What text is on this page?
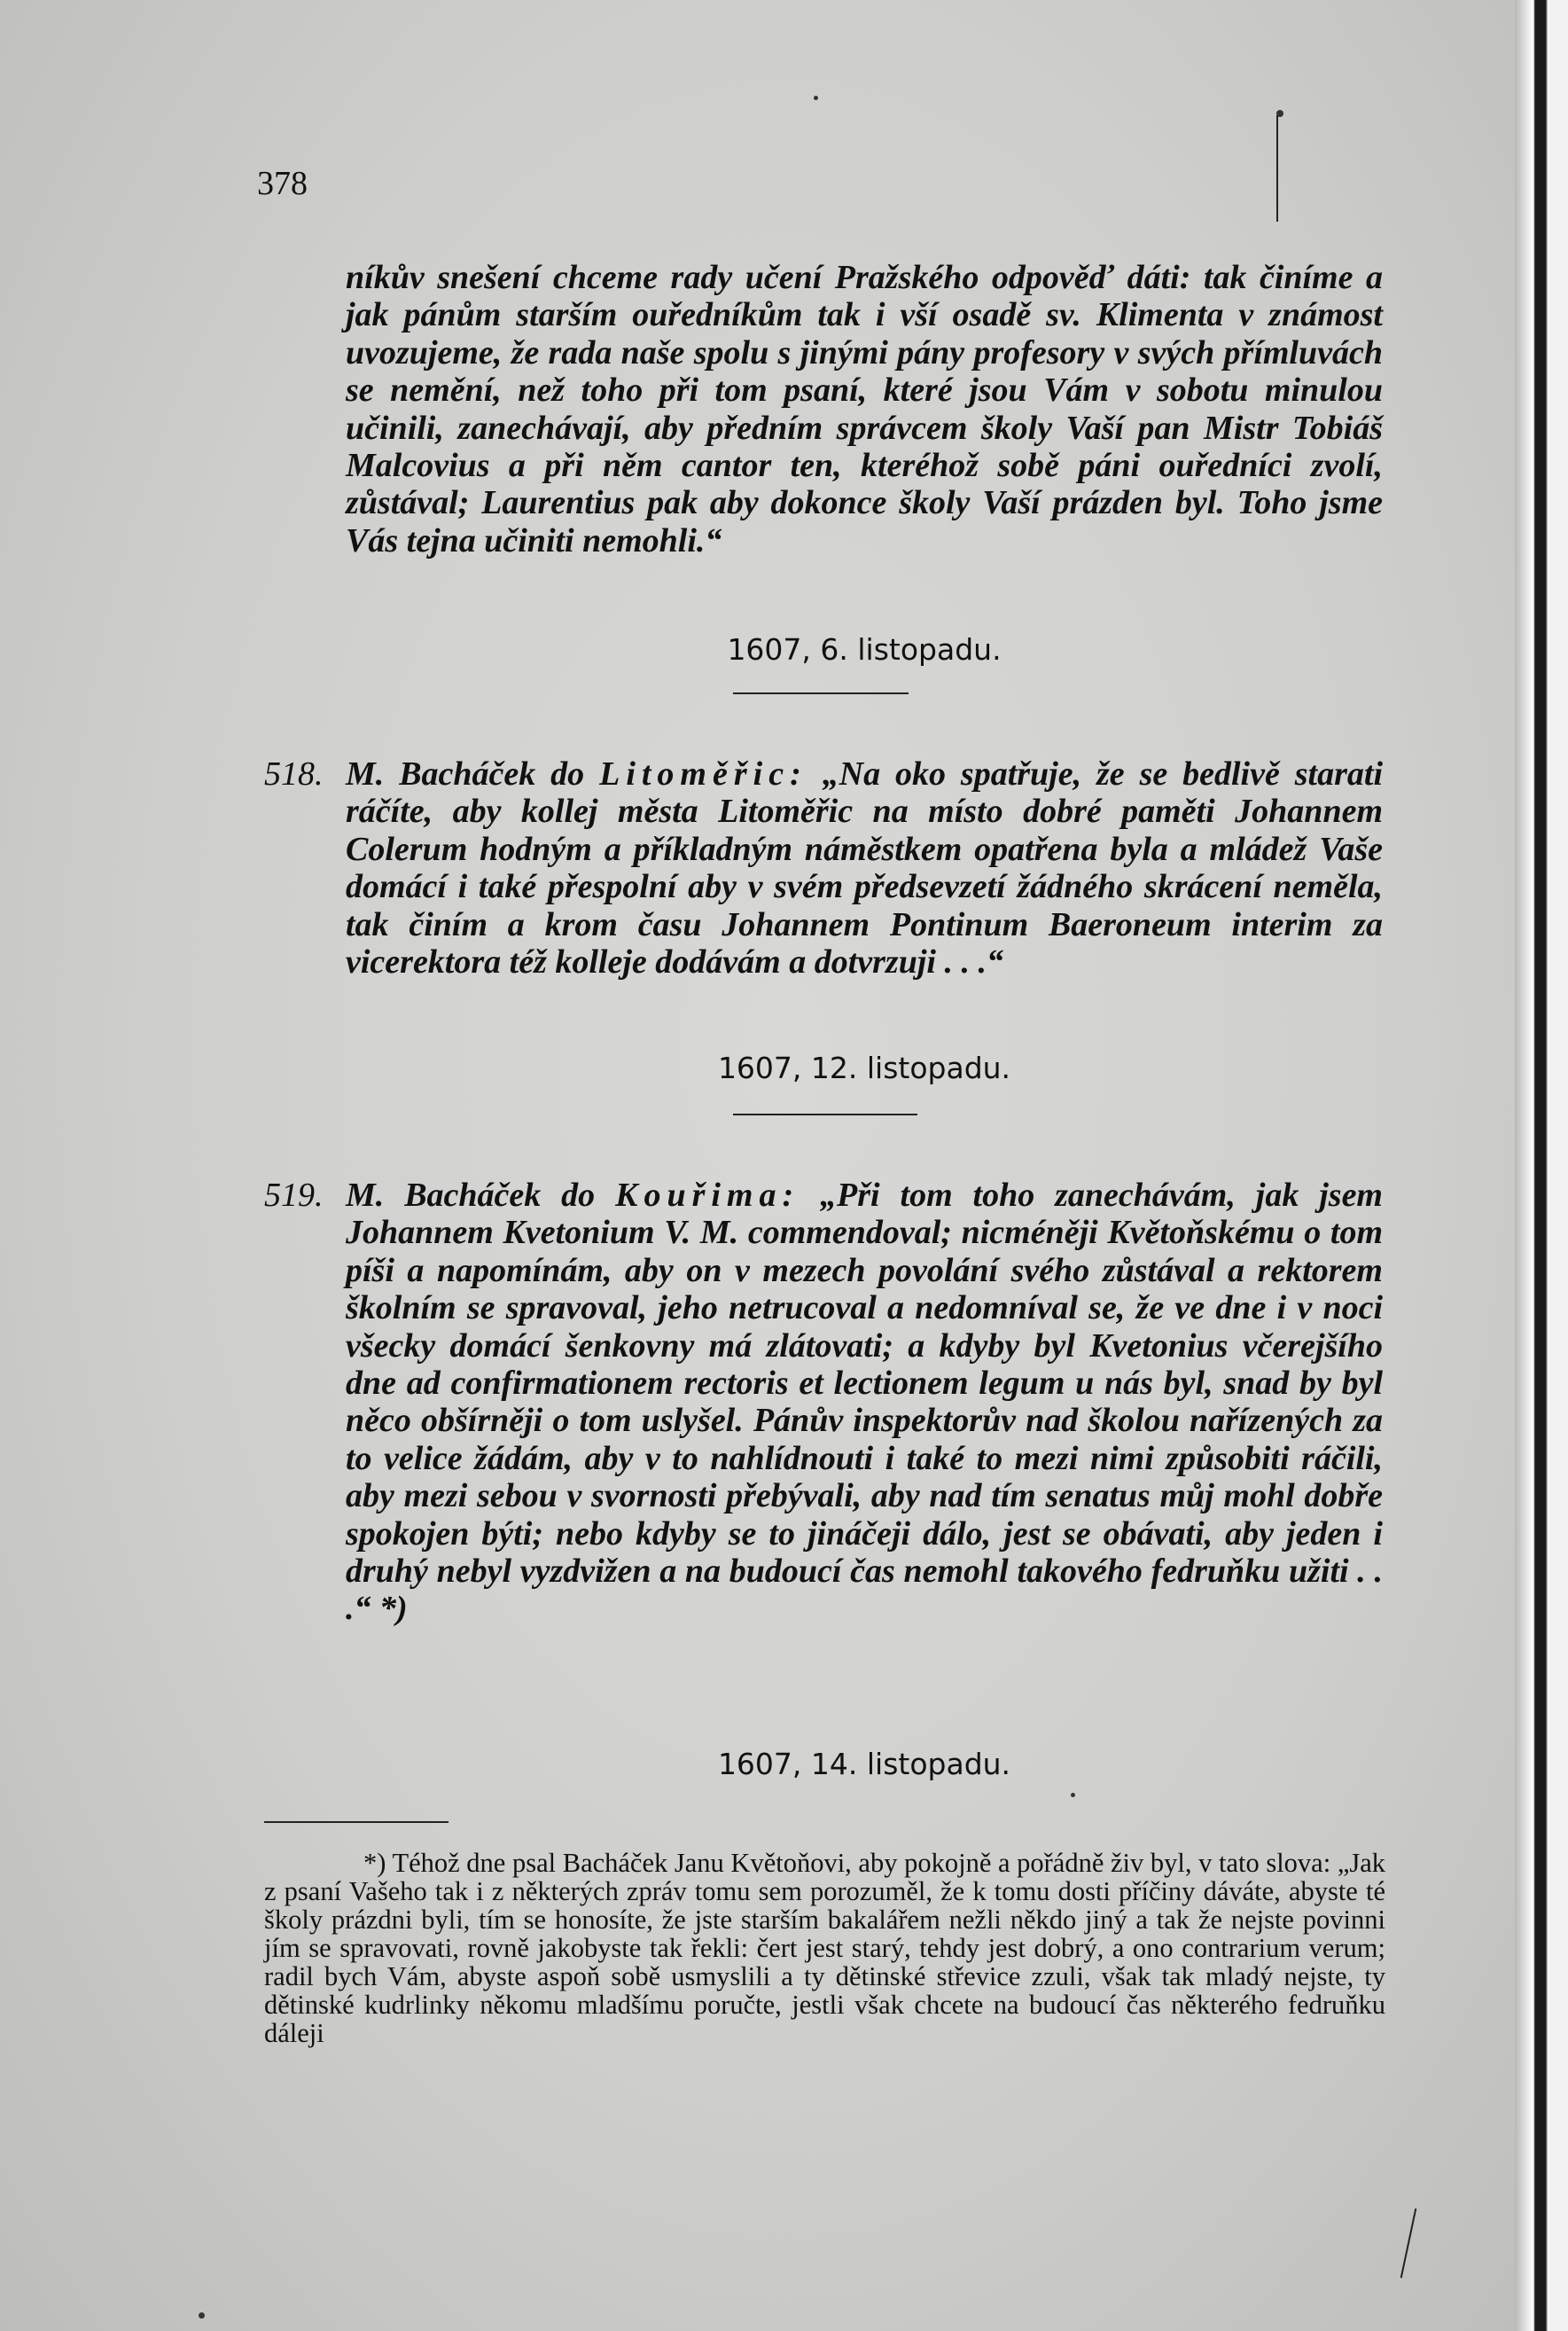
378
níkův snešení chceme rady učení Pražského odpověď dáti: tak činíme a jak pánům starším ouředníkům tak i vší osadě sv. Klimenta v známost uvozujeme, že rada naše spolu s jinými pány profesory v svých přímluvách se nemění, než toho při tom psaní, které jsou Vám v sobotu minulou učinili, zanechávají, aby předním správcem školy Vaší pan Mistr Tobiáš Malcovius a při něm cantor ten, kteréhož sobě páni ouředníci zvolí, zůstával; Laurentius pak aby dokonce školy Vaší prázden byl. Toho jsme Vás tejna učiniti nemohli.“
1607, 6. listopadu.
518. M. Bacháček do Litoměřic: „Na oko spatřuje, že se bedlivě starati ráčíte, aby kollej města Litoměřic na místo dobré paměti Johannem Colerum hodným a příkladným náměstkem opatřena byla a mládež Vaše domácí i také přespolní aby v svém předsevzetí žádného skrácení neměla, tak činím a krom času Johannem Pontinum Baeroneum interim za vicerektora též kolleje dodávám a dotvrzuji . . .“
1607, 12. listopadu.
519. M. Bacháček do Kouřima: „Při tom toho zanechávám, jak jsem Johannem Kvetonium V. M. commendoval; nicméněji Květoňskému o tom píši a napomínám, aby on v mezech povolání svého zůstával a rektorem školním se spravoval, jeho netrucoval a nedomníval se, že ve dne i v noci všecky domácí šenkovny má zlátovati; a kdyby byl Kvetonius včerejšího dne ad confirmationem rectoris et lectionem legum u nás byl, snad by byl něco obšírněji o tom uslyšel. Pánův inspektorův nad školou nařízených za to velice žádám, aby v to nahlídnouti i také to mezi nimi způsobiti ráčili, aby mezi sebou v svornosti přebývali, aby nad tím senatus můj mohl dobře spokojen býti; nebo kdyby se to jináčeji dálo, jest se obávati, aby jeden i druhý nebyl vyzdvižen a na budoucí čas nemohl takového fedruňku užiti . . .“ *)
1607, 14. listopadu.
*) Téhož dne psal Bacháček Janu Květoňovi, aby pokojně a pořádně živ byl, v tato slova: „Jak z psaní Vašeho tak i z některých zpráv tomu sem porozuměl, že k tomu dosti příčiny dáváte, abyste té školy prázdni byli, tím se honosíte, že jste starším bakalářem nežli někdo jiný a tak že nejste povinni jím se spravovati, rovně jakobyste tak řekli: čert jest starý, tehdy jest dobrý, a ono contrarium verum; radil bych Vám, abyste aspoň sobě usmyslili a ty dětinské střevice zzuli, však tak mladý nejste, ty dětinské kudrlinky někomu mladšímu poručte, jestli však chcete na budoucí čas některého fedruňku dáleji
